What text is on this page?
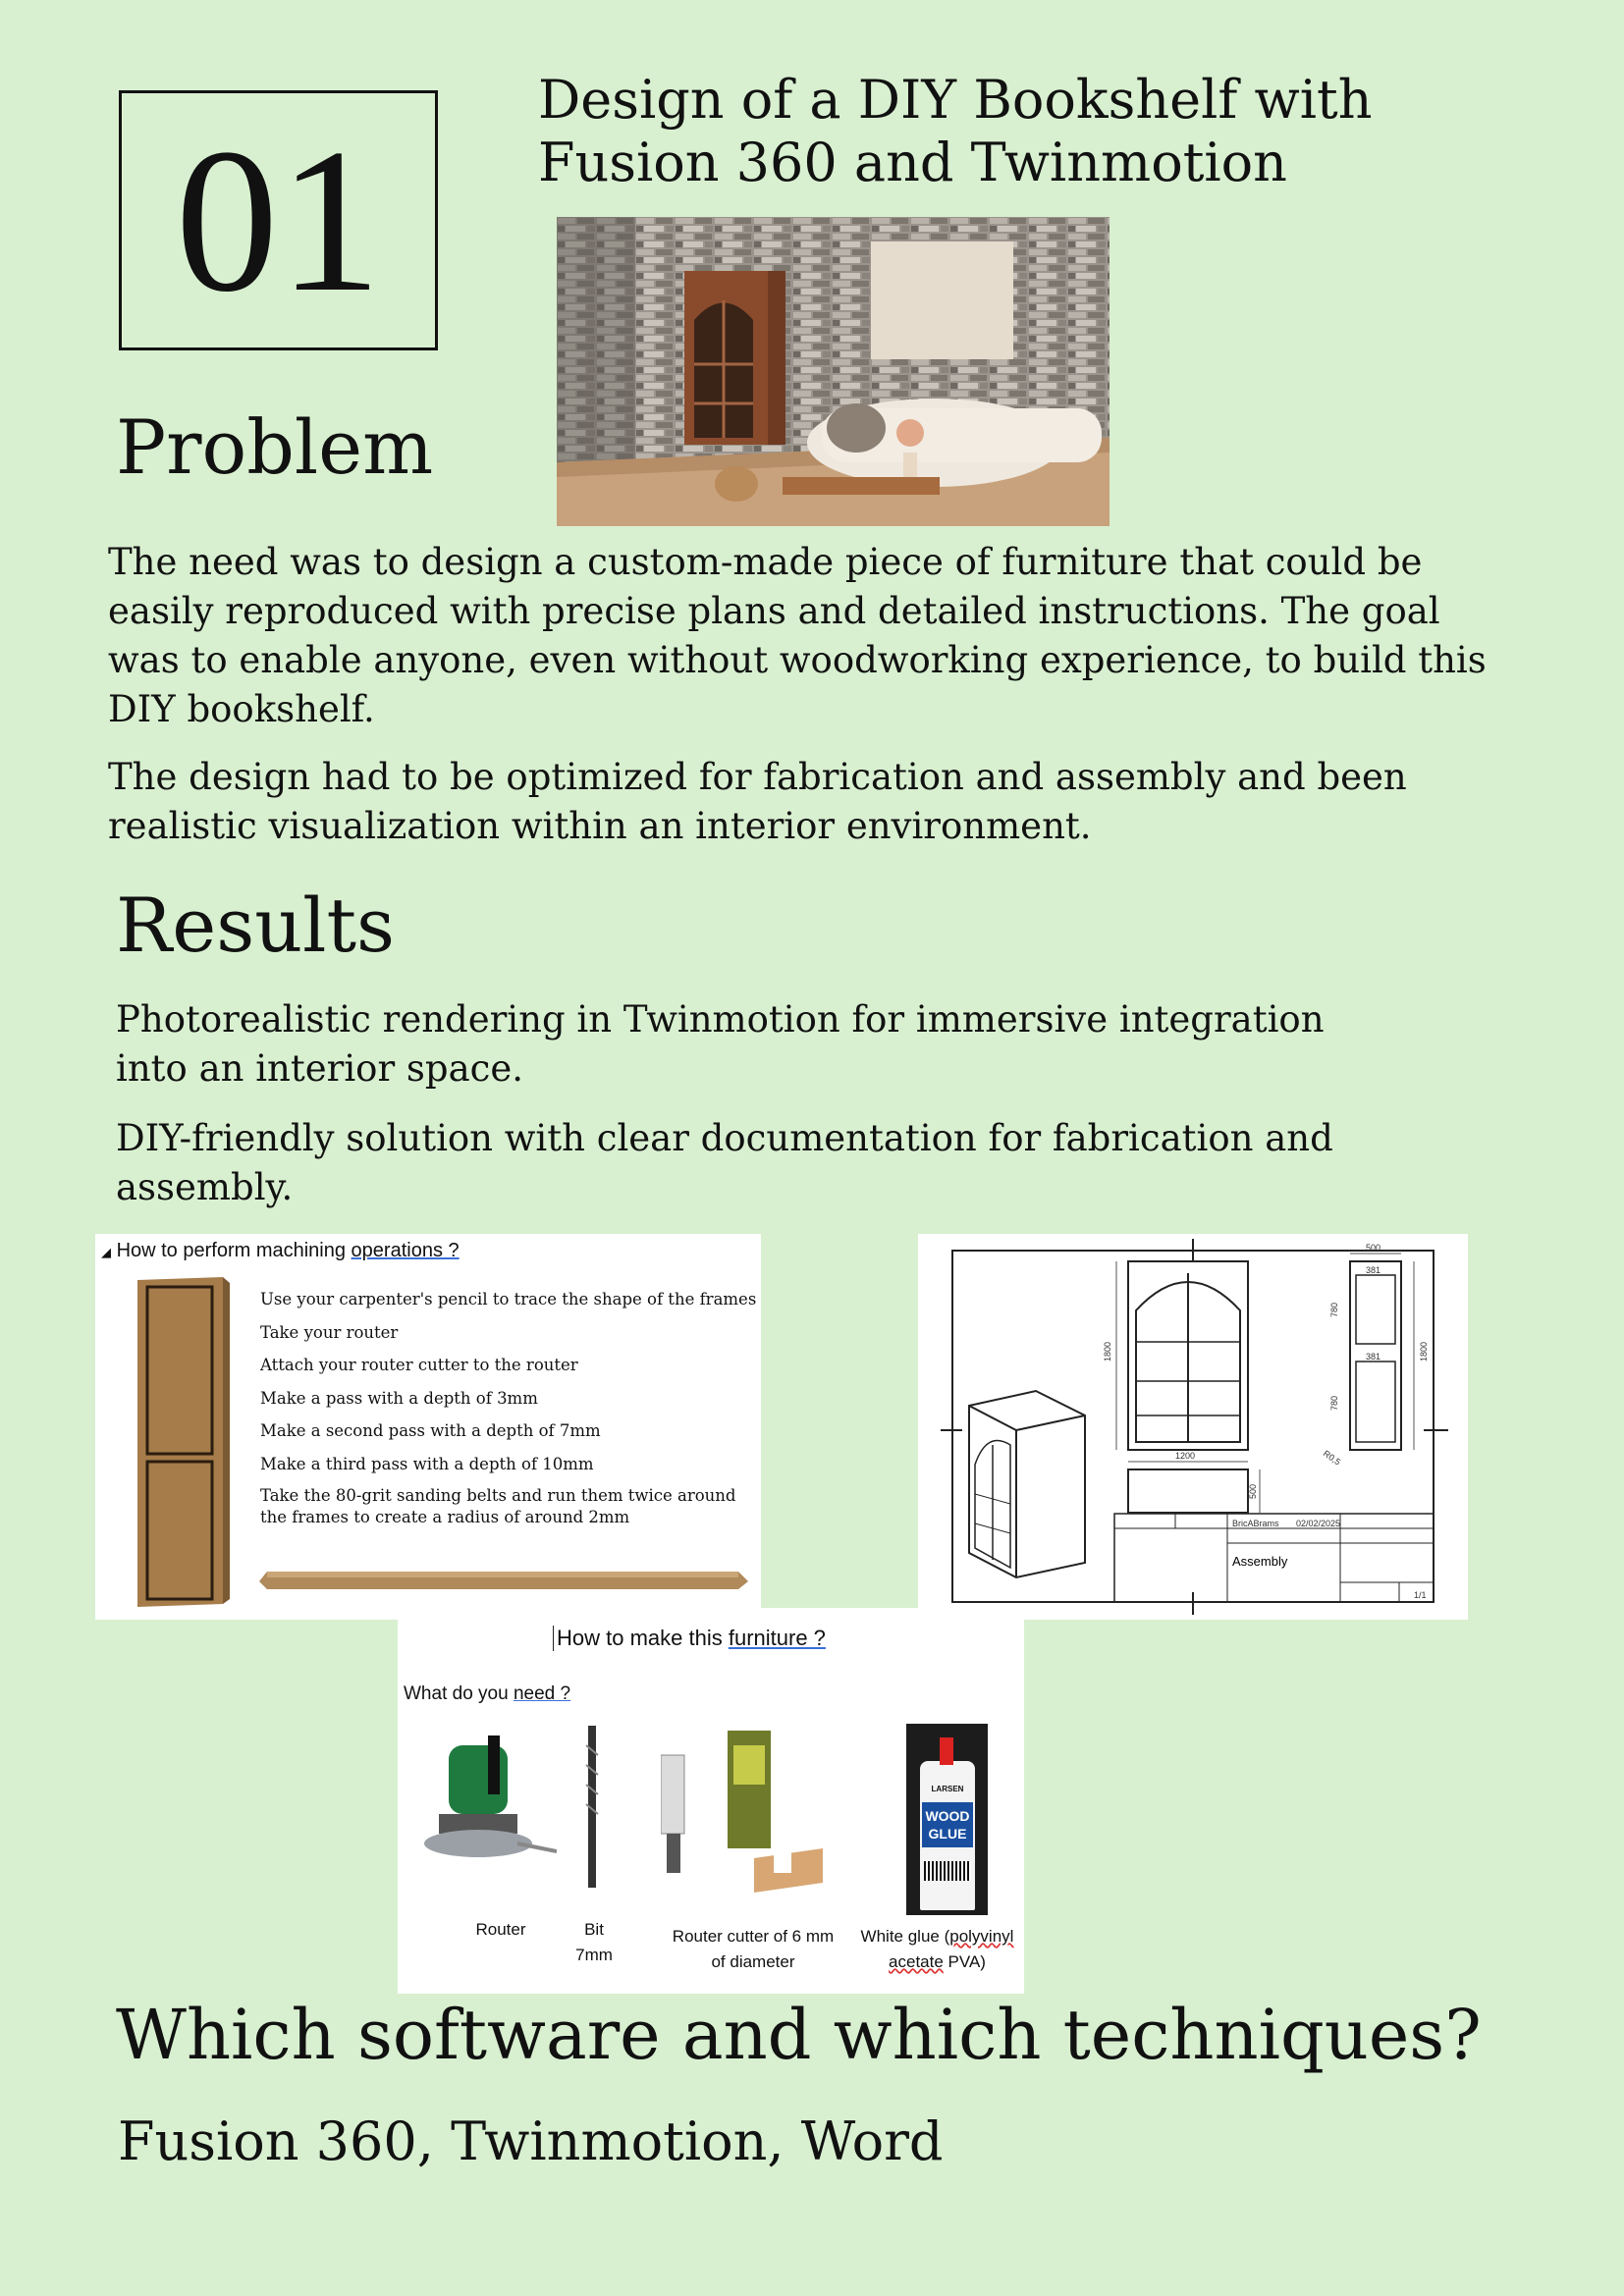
01
Design of a DIY Bookshelf with Fusion 360 and Twinmotion
Problem
The need was to design a custom-made piece of furniture that could be easily reproduced with precise plans and detailed instructions. The goal was to enable anyone, even without woodworking experience, to build this DIY bookshelf.
The design had to be optimized for fabrication and assembly and been realistic visualization within an interior environment.
Results
Photorealistic rendering in Twinmotion for immersive integration into an interior space.
DIY-friendly solution with clear documentation for fabrication and assembly.
◢ How to perform machining operations ?
Use your carpenter's pencil to trace the shape of the frames
Take your router
Attach your router cutter to the router
Make a pass with a depth of 3mm
Make a second pass with a depth of 7mm
Make a third pass with a depth of 10mm
Take the 80-grit sanding belts and run them twice around the frames to create a radius of around 2mm
1800
1200
500
500
381
381
780
780
R0,5
1800
BricABrams 02/02/2025
Assembly
1/1
How to make this furniture ?
What do you need ?
LARSEN
WOOD
GLUE
Router	Bit
7mm
Router cutter of 6 mm
of diameter
White glue (polyvinyl
acetate PVA)
Which software and which techniques?
Fusion 360, Twinmotion, Word
